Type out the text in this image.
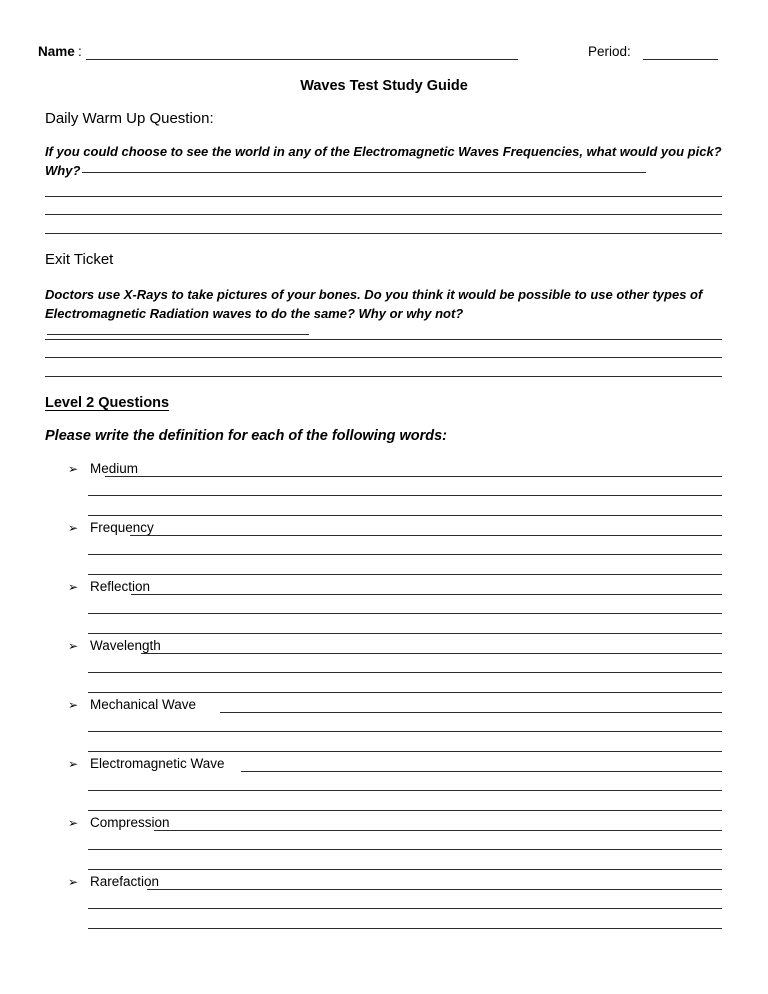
Name :	Period:
Waves Test Study Guide
Daily Warm Up Question:
If you could choose to see the world in any of the Electromagnetic Waves Frequencies, what would you pick?
Why?
Exit Ticket
Doctors use X-Rays to take pictures of your bones. Do you think it would be possible to use other types of
Electromagnetic Radiation waves to do the same? Why or why not?
Level 2 Questions
Please write the definition for each of the following words:
➢ Medium
➢ Frequency
➢ Reflection
➢ Wavelength
➢ Mechanical Wave
➢ Electromagnetic Wave
➢ Compression
➢ Rarefaction
